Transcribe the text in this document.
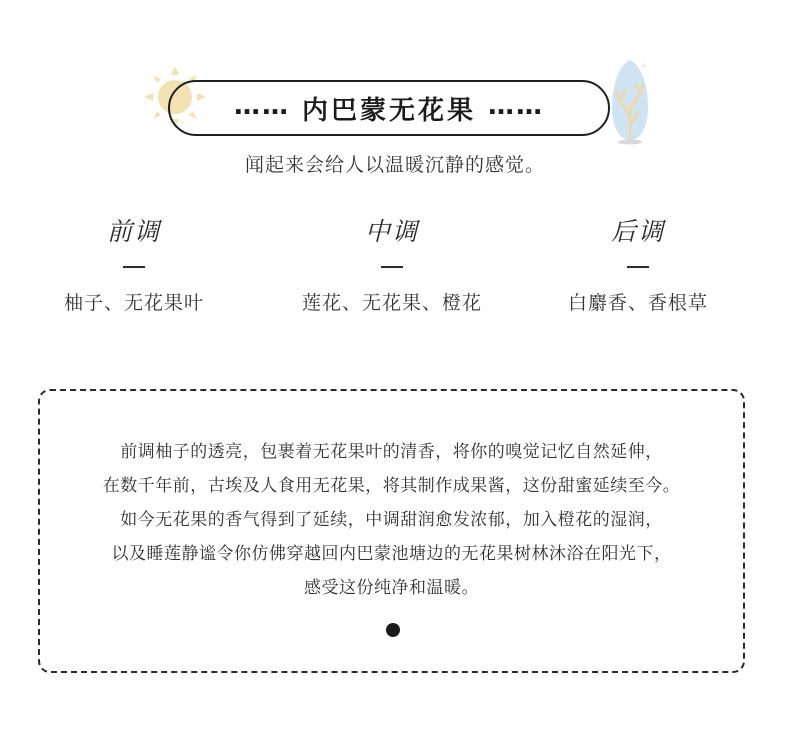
…… 内巴蒙无花果 ……
闻起来会给人以温暖沉静的感觉。
前调
柚子、无花果叶
中调
莲花、无花果、橙花
后调
白麝香、香根草
前调柚子的透亮，包裹着无花果叶的清香，将你的嗅觉记忆自然延伸，
在数千年前，古埃及人食用无花果，将其制作成果酱，这份甜蜜延续至今。
如今无花果的香气得到了延续，中调甜润愈发浓郁，加入橙花的湿润，
以及睡莲静谧令你仿佛穿越回内巴蒙池塘边的无花果树林沐浴在阳光下，
感受这份纯净和温暖。
